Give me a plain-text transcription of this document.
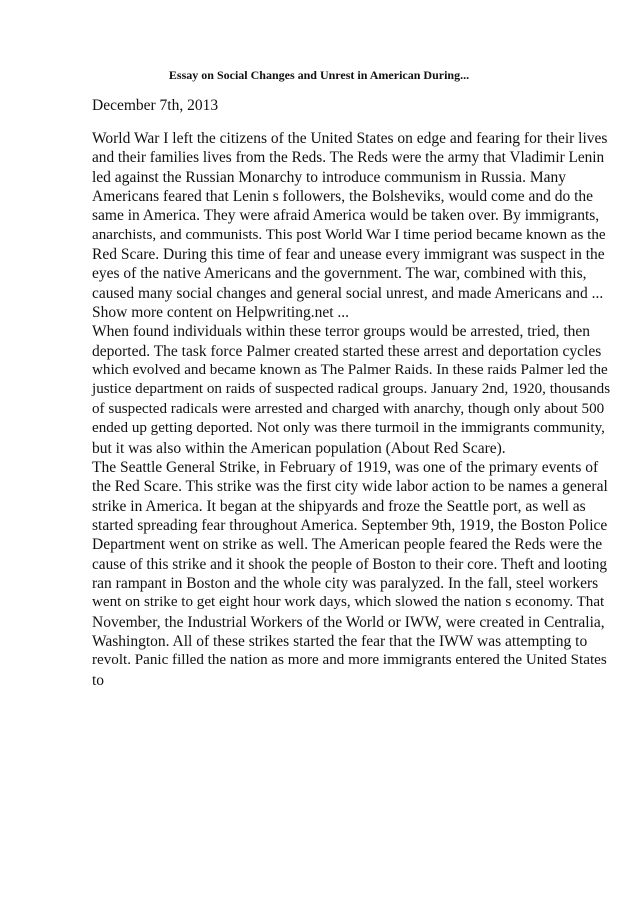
Essay on Social Changes and Unrest in American During...

December 7th, 2013

World War I left the citizens of the United States on edge and fearing for their lives
and their families lives from the Reds. The Reds were the army that Vladimir Lenin
led against the Russian Monarchy to introduce communism in Russia. Many
Americans feared that Lenin s followers, the Bolsheviks, would come and do the
same in America. They were afraid America would be taken over. By immigrants,
anarchists, and communists. This post World War I time period became known as the
Red Scare. During this time of fear and unease every immigrant was suspect in the
eyes of the native Americans and the government. The war, combined with this,
caused many social changes and general social unrest, and made Americans and ...
Show more content on Helpwriting.net ...
When found individuals within these terror groups would be arrested, tried, then
deported. The task force Palmer created started these arrest and deportation cycles
which evolved and became known as The Palmer Raids. In these raids Palmer led the
justice department on raids of suspected radical groups. January 2nd, 1920, thousands
of suspected radicals were arrested and charged with anarchy, though only about 500
ended up getting deported. Not only was there turmoil in the immigrants community,
but it was also within the American population (About Red Scare).
The Seattle General Strike, in February of 1919, was one of the primary events of
the Red Scare. This strike was the first city wide labor action to be names a general
strike in America. It began at the shipyards and froze the Seattle port, as well as
started spreading fear throughout America. September 9th, 1919, the Boston Police
Department went on strike as well. The American people feared the Reds were the
cause of this strike and it shook the people of Boston to their core. Theft and looting
ran rampant in Boston and the whole city was paralyzed. In the fall, steel workers
went on strike to get eight hour work days, which slowed the nation s economy. That
November, the Industrial Workers of the World or IWW, were created in Centralia,
Washington. All of these strikes started the fear that the IWW was attempting to
revolt. Panic filled the nation as more and more immigrants entered the United States
to
